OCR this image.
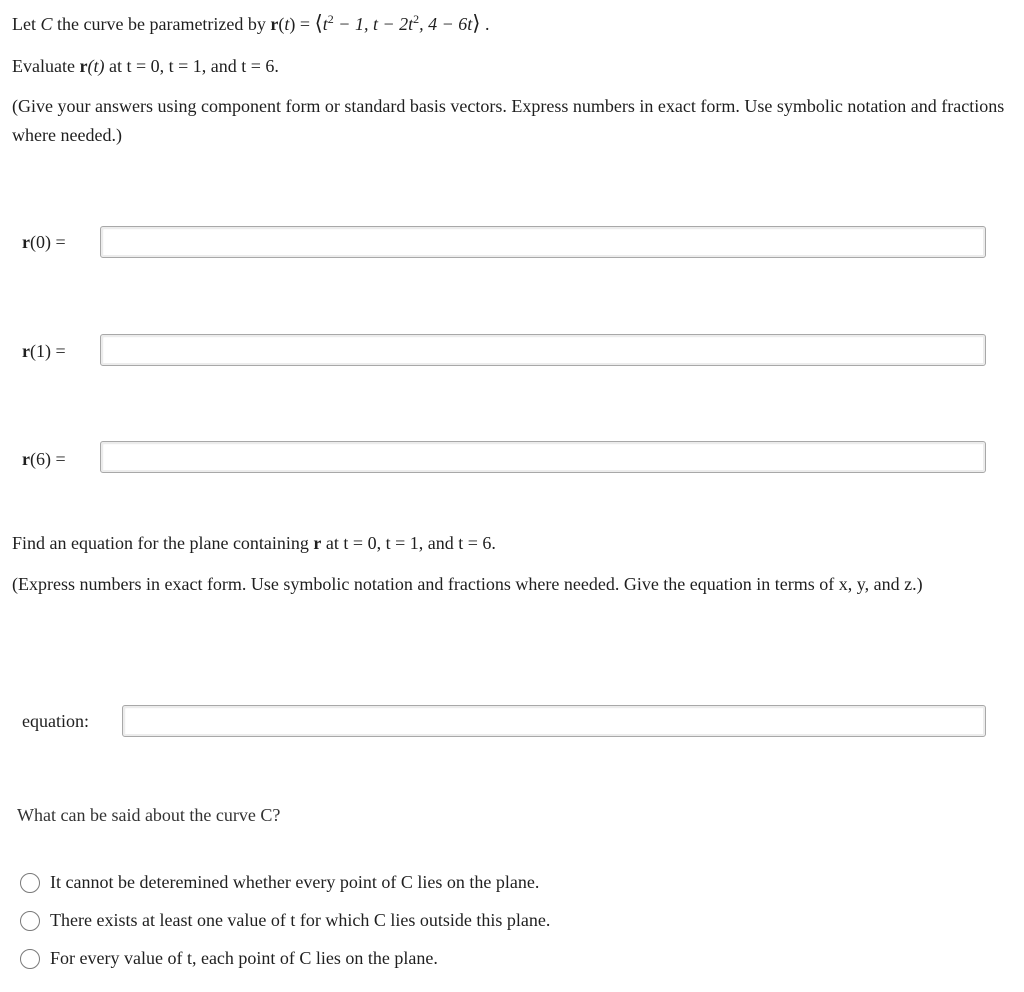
Let C the curve be parametrized by $r(t) = ⟨t^2 - 1$, $t - 2t^2$, 4 − 6t⟩ .
Evaluate r(t) at t = 0, t = 1, and t = 6.
(Give your answers using component form or standard basis vectors. Express numbers in exact form. Use symbolic notation and fractions where needed.)
r(0) =
r(1) =
r(6) =
Find an equation for the plane containing r at t = 0, t = 1, and t = 6.
(Express numbers in exact form. Use symbolic notation and fractions where needed. Give the equation in terms of x, y, and z.)
equation:
What can be said about the curve C?
It cannot be deteremined whether every point of C lies on the plane.
There exists at least one value of t for which C lies outside this plane.
For every value of t, each point of C lies on the plane.
